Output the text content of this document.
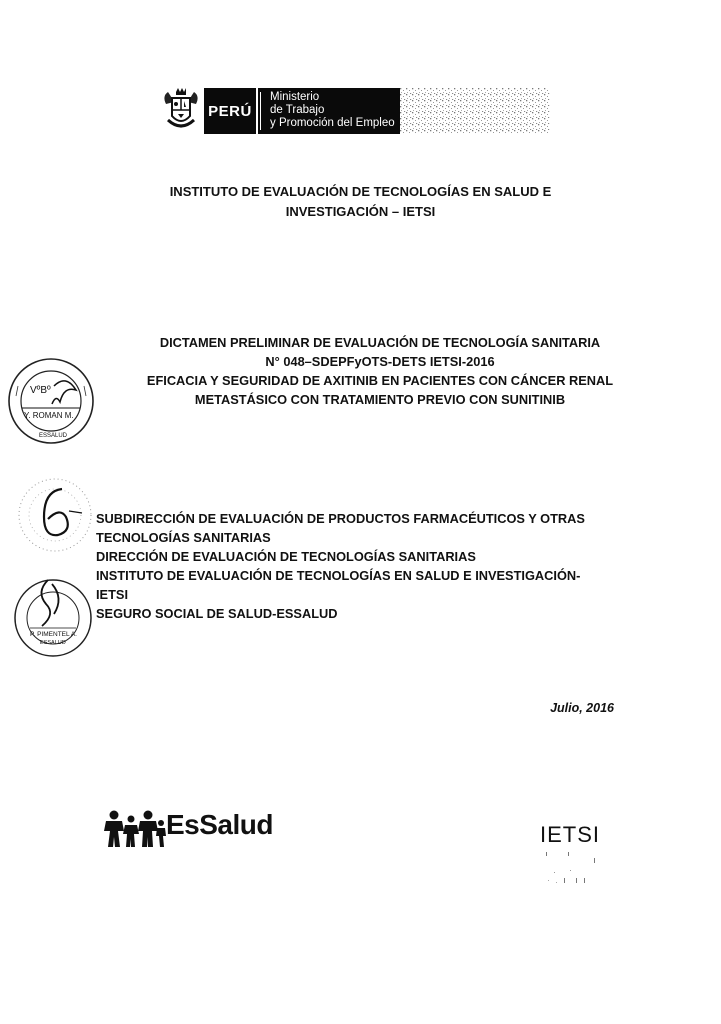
PERÚ
Ministerio
de Trabajo
y Promoción del Empleo
INSTITUTO DE EVALUACIÓN DE TECNOLOGÍAS EN SALUD E
INVESTIGACIÓN – IETSI
DICTAMEN PRELIMINAR DE EVALUACIÓN DE TECNOLOGÍA SANITARIA
N° 048–SDEPFyOTS-DETS IETSI-2016
EFICACIA Y SEGURIDAD DE AXITINIB EN PACIENTES CON CÁNCER RENAL
METASTÁSICO CON TRATAMIENTO PREVIO CON SUNITINIB
VºBº
Y. ROMAN M.
ESSALUD
P. PIMENTEL A.
ESSALUD
SUBDIRECCIÓN DE EVALUACIÓN DE PRODUCTOS FARMACÉUTICOS Y OTRAS
TECNOLOGÍAS SANITARIAS
DIRECCIÓN DE EVALUACIÓN DE TECNOLOGÍAS SANITARIAS
INSTITUTO DE EVALUACIÓN DE TECNOLOGÍAS EN SALUD E INVESTIGACIÓN-
IETSI
SEGURO SOCIAL DE SALUD-ESSALUD
Julio, 2016
EsSalud	IETSI
